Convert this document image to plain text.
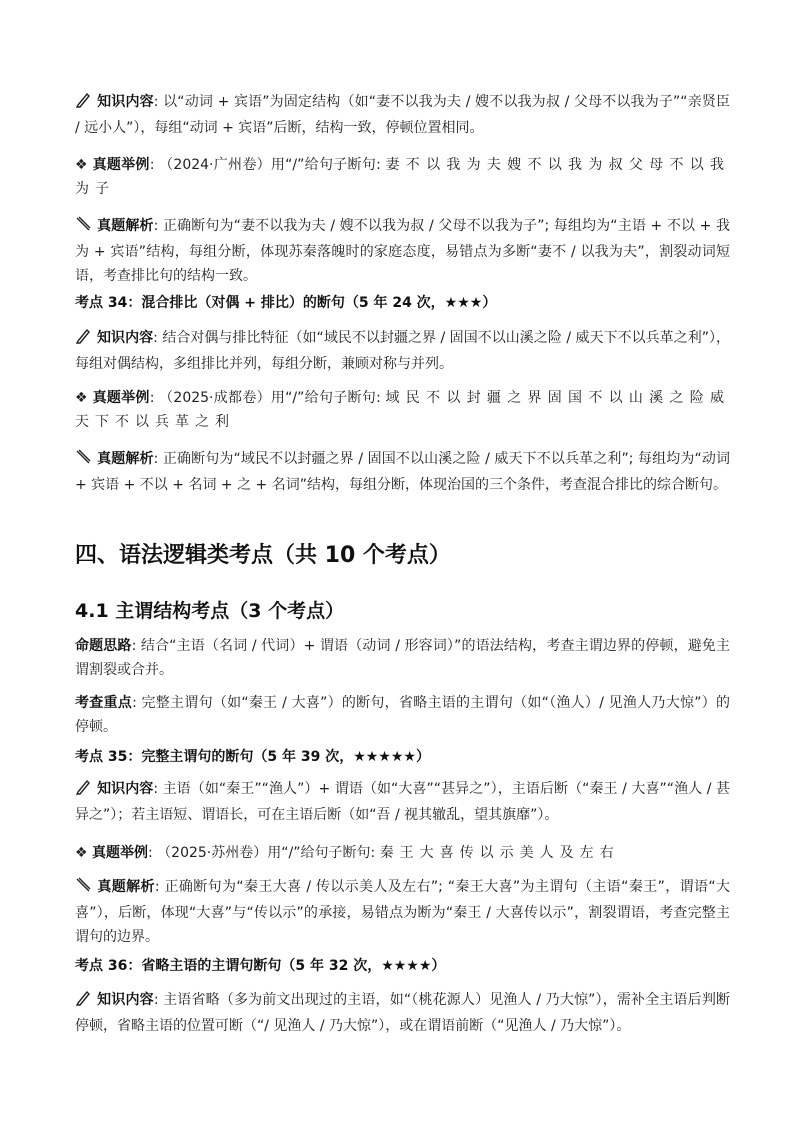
知识内容: 以“动词 + 宾语”为固定结构（如“妻不以我为夫 / 嫂不以我为叔 / 父母不以我为子”“亲贤臣 / 远小人”），每组“动词 + 宾语”后断，结构一致，停顿位置相同。
❖ 真题举例: （2024·广州卷）用“/”给句子断句: 妻不以我为夫嫂不以我为叔父母不以我为子
真题解析: 正确断句为“妻不以我为夫 / 嫂不以我为叔 / 父母不以我为子”; 每组均为“主语 + 不以 + 我为 + 宾语”结构，每组分断，体现苏秦落魄时的家庭态度，易错点为多断“妻不 / 以我为夫”，割裂动词短语，考查排比句的结构一致。
考点 34：混合排比（对偶 + 排比）的断句（5 年 24 次，★★★）
知识内容: 结合对偶与排比特征（如“域民不以封疆之界 / 固国不以山溪之险 / 威天下不以兵革之利”），每组对偶结构，多组排比并列，每组分断，兼顾对称与并列。
❖ 真题举例: （2025·成都卷）用“/”给句子断句: 域民不以封疆之界固国不以山溪之险威天下不以兵革之利
真题解析: 正确断句为“域民不以封疆之界 / 固国不以山溪之险 / 威天下不以兵革之利”; 每组均为“动词 + 宾语 + 不以 + 名词 + 之 + 名词”结构，每组分断，体现治国的三个条件，考查混合排比的综合断句。
四、语法逻辑类考点（共 10 个考点）
4.1 主谓结构考点（3 个考点）
命题思路: 结合“主语（名词 / 代词）+ 谓语（动词 / 形容词）”的语法结构，考查主谓边界的停顿，避免主谓割裂或合并。
考查重点: 完整主谓句（如“秦王 / 大喜”）的断句，省略主语的主谓句（如“（渔人）/ 见渔人乃大惊”）的停顿。
考点 35：完整主谓句的断句（5 年 39 次，★★★★★）
知识内容: 主语（如“秦王”“渔人”）+ 谓语（如“大喜”“甚异之”），主语后断（“秦王 / 大喜”“渔人 / 甚异之”）；若主语短、谓语长，可在主语后断（如“吾 / 视其辙乱，望其旗靡”）。
❖ 真题举例: （2025·苏州卷）用“/”给句子断句: 秦王大喜传以示美人及左右
真题解析: 正确断句为“秦王大喜 / 传以示美人及左右”; “秦王大喜”为主谓句（主语“秦王”，谓语“大喜”），后断，体现“大喜”与“传以示”的承接，易错点为断为“秦王 / 大喜传以示”，割裂谓语，考查完整主谓句的边界。
考点 36：省略主语的主谓句断句（5 年 32 次，★★★★）
知识内容: 主语省略（多为前文出现过的主语，如“（桃花源人）见渔人 / 乃大惊”），需补全主语后判断停顿，省略主语的位置可断（“/ 见渔人 / 乃大惊”），或在谓语前断（“见渔人 / 乃大惊”）。
